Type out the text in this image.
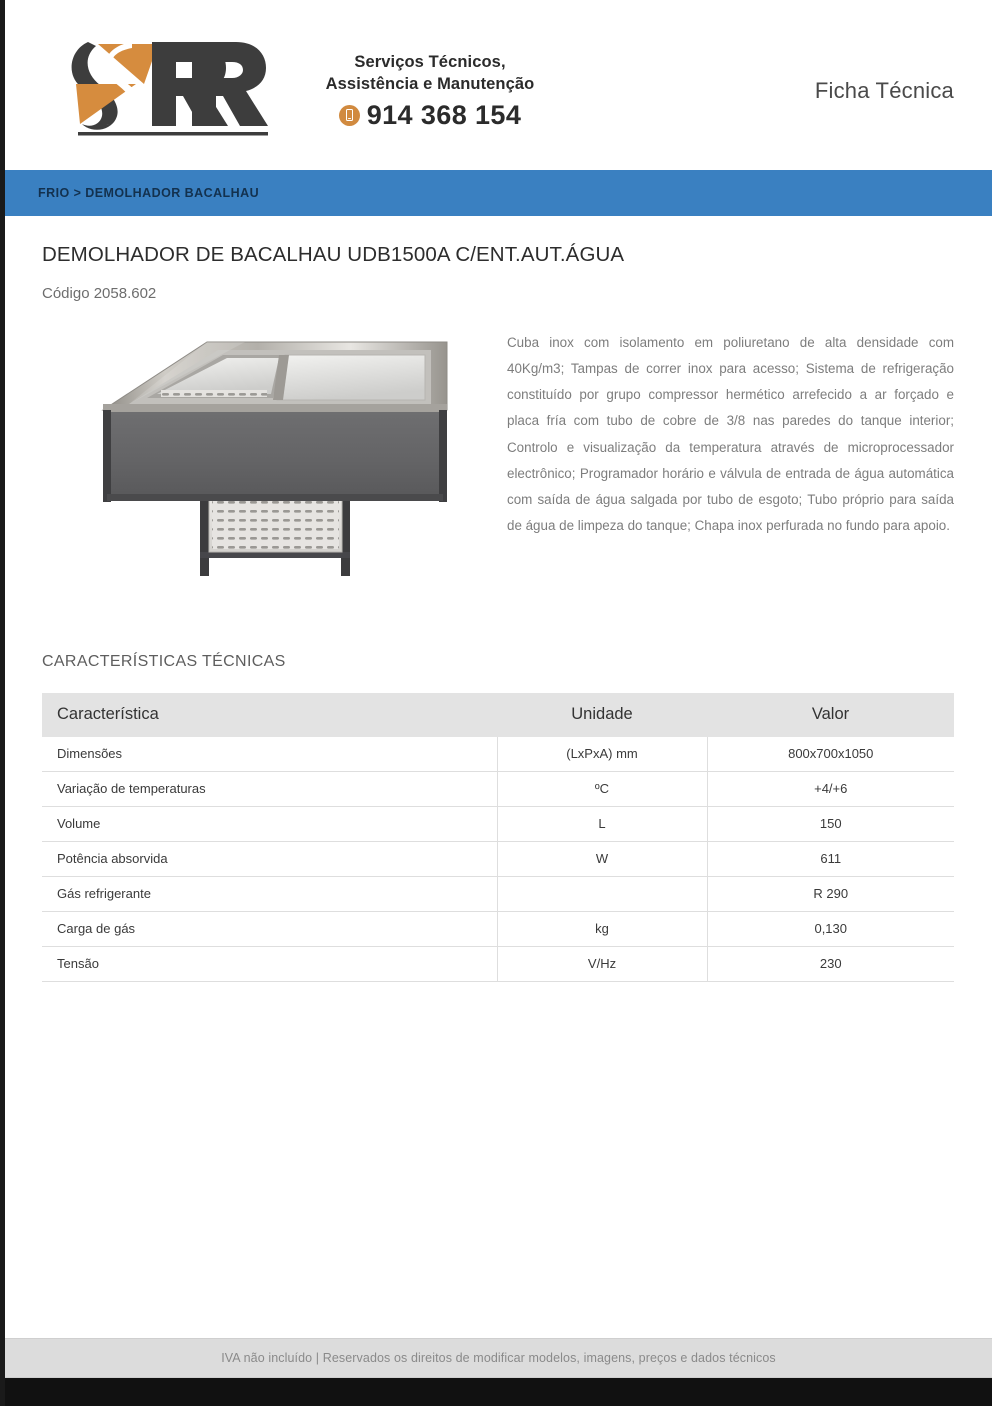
Serviços Técnicos,
Assistência e Manutenção
914 368 154
Ficha Técnica
FRIO > DEMOLHADOR BACALHAU
DEMOLHADOR DE BACALHAU UDB1500A C/ENT.AUT.ÁGUA
Código 2058.602

Cuba inox com isolamento em poliuretano de alta densidade com 40Kg/m3; Tampas de correr inox para acesso; Sistema de refrigeração constituído por grupo compressor hermético arrefecido a ar forçado e placa fría com tubo de cobre de 3/8 nas paredes do tanque interior; Controlo e visualização da temperatura através de microprocessador electrônico; Programador horário e válvula de entrada de água automática com saída de água salgada por tubo de esgoto; Tubo próprio para saída de água de limpeza do tanque; Chapa inox perfurada no fundo para apoio.

CARACTERÍSTICAS TÉCNICAS
Característica	Unidade	Valor
Dimensões	(LxPxA) mm	800x700x1050
Variação de temperaturas	ºC	+4/+6
Volume	L	150
Potência absorvida	W	611
Gás refrigerante		R 290
Carga de gás	kg	0,130
Tensão	V/Hz	230
IVA não incluído | Reservados os direitos de modificar modelos, imagens, preços e dados técnicos
